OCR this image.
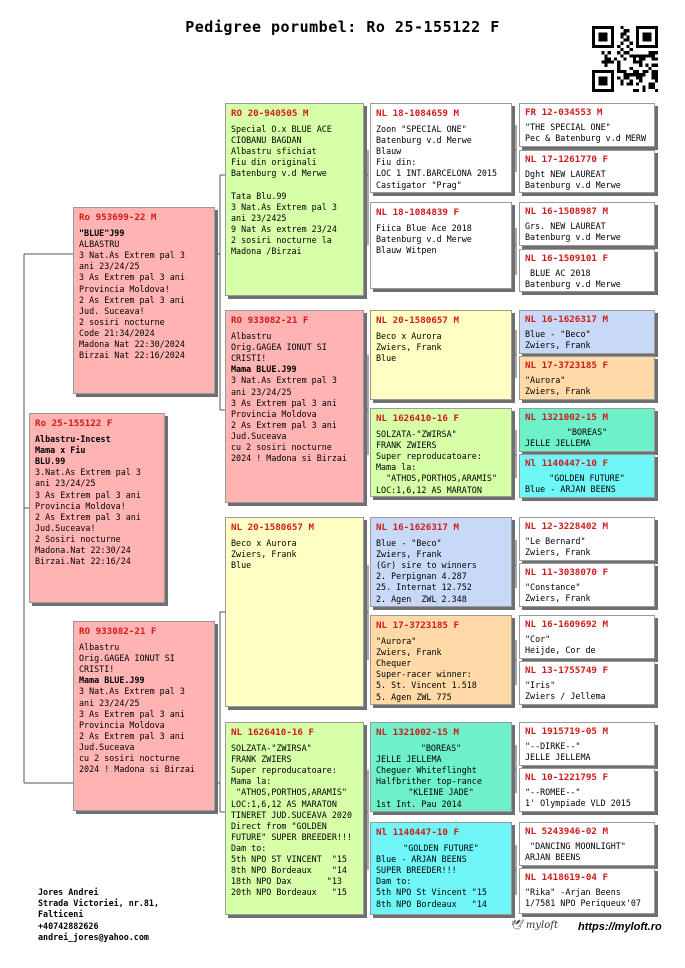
Pedigree porumbel: Ro 25-155122 F
Ro 25-155122 F
Albastru-Incest
Mama x Fiu
BLU.99
3.Nat.As Extrem pal 3
ani 23/24/25
3 As Extrem pal 3 ani
Provincia Moldova!
2 As Extrem pal 3 ani
Jud.Suceava!
2 Sosiri nocturne
Madona.Nat 22:30/24
Birzai.Nat 22:16/24
Ro 953699-22 M
"BLUE"J99
ALBASTRU
3 Nat.As Extrem pal 3
ani 23/24/25
3 As Extrem pal 3 ani
Provincia Moldova!
2 As Extrem pal 3 ani
Jud. Suceava!
2 sosiri nocturne
Code 21:34/2024
Madona Nat 22:30/2024
Birzai Nat 22:16/2024
RO 933082-21 F
Albastru
Orig.GAGEA IONUT SI
CRISTI!
Mama BLUE.J99
3 Nat.As Extrem pal 3
ani 23/24/25
3 As Extrem pal 3 ani
Provincia Moldova
2 As Extrem pal 3 ani
Jud.Suceava
cu 2 sosiri nocturne
2024 ! Madona si Birzai
RO 20-940505 M
Special O.x BLUE ACE
CIOBANU BAGDAN
Albastru sfichiat
Fiu din originali
Batenburg v.d Merwe

Tata Blu.99
3 Nat.As Extrem pal 3
ani 23/2425
9 Nat As extrem 23/24
2 sosiri nocturne la
Madona /Birzai
RO 933082-21 F
Albastru
Orig.GAGEA IONUT SI
CRISTI!
Mama BLUE.J99
3 Nat.As Extrem pal 3
ani 23/24/25
3 As Extrem pal 3 ani
Provincia Moldova
2 As Extrem pal 3 ani
Jud.Suceava
cu 2 sosiri nocturne
2024 ! Madona si Birzai
NL 20-1580657 M
Beco x Aurora
Zwiers, Frank
Blue
NL 1626410-16 F
SOLZATA-"ZWIRSA"
FRANK ZWIERS
Super reproducatoare:
Mama la:
"ATHOS,PORTHOS,ARAMIS"
LOC:1,6,12 AS MARATON
TINERET JUD.SUCEAVA 2020
Direct from "GOLDEN
FUTURE" SUPER BREEDER!!!
Dam to:
5th NPO ST VINCENT  "15
8th NPO Bordeaux    "14
18th NPO Dax       "13
20th NPO Bordeaux   "15
NL 18-1084659 M
Zoon "SPECIAL ONE"
Batenburg v.d Merwe
Blauw
Fiu din:
LOC 1 INT.BARCELONA 2015
Castigator "Prag"
NL 18-1084839 F
Fiica Blue Ace 2018
Batenburg v.d Merwe
Blauw Witpen
NL 20-1580657 M
Beco x Aurora
Zwiers, Frank
Blue
NL 1626410-16 F
SOLZATA-"ZWIRSA"
FRANK ZWIERS
Super reproducatoare:
Mama la:
"ATHOS,PORTHOS,ARAMIS"
LOC:1,6,12 AS MARATON
NL 16-1626317 M
Blue - "Beco"
Zwiers, Frank
(Gr) sire to winners
2. Perpignan 4.287
25. Internat 12.752
2. Agen  ZWL 2.348
NL 17-3723185 F
"Aurora"
Zwiers, Frank
Chequer
Super-racer winner:
5. St. Vincent 1.518
5. Agen ZWL 775
NL 1321002-15 M
"BOREAS"
JELLE JELLEMA
Cheguer Whiteflinght
Halfbrither top-rance
"KLEINE JADE"
1st Int. Pau 2014
Nl 1140447-10 F
"GOLDEN FUTURE"
Blue - ARJAN BEENS
SUPER BREEDER!!!
Dam to:
5th NPO St Vincent "15
8th NPO Bordeaux   "14
FR 12-034553 M
"THE SPECIAL ONE"
Pec & Batenburg v.d MERW
NL 17-1261770 F
Dght NEW LAUREAT
Batenburg v.d Merwe
NL 16-1508987 M
Grs. NEW LAUREAT
Batenburg v.d Merwe
NL 16-1509101 F
BLUE AC 2018
Batenburg v.d Merwe
NL 16-1626317 M
Blue - "Beco"
Zwiers, Frank
NL 17-3723185 F
"Aurora"
Zwiers, Frank
NL 1321002-15 M
"BOREAS"
JELLE JELLEMA
Nl 1140447-10 F
"GOLDEN FUTURE"
Blue - ARJAN BEENS
NL 12-3228402 M
"Le Bernard"
Zwiers, Frank
NL 11-3038070 F
"Constance"
Zwiers, Frank
NL 16-1609692 M
"Cor"
Heijde, Cor de
NL 13-1755749 F
"Iris"
Zwiers / Jellema
NL 1915719-05 M
"--DIRKE--"
JELLE JELLEMA
NL 10-1221795 F
"--ROMEE--"
1' Olympiade VLD 2015
NL 5243946-02 M
"DANCING MOONLIGHT"
ARJAN BEENS
NL 1418619-04 F
"Rika" -Arjan Beens
1/7581 NPO Periqueux'07
Jores Andrei
Strada Victoriei, nr.81,
Falticeni
+40742882626
andrei_jores@yahoo.com
🕊︎ myloft https://myloft.ro
